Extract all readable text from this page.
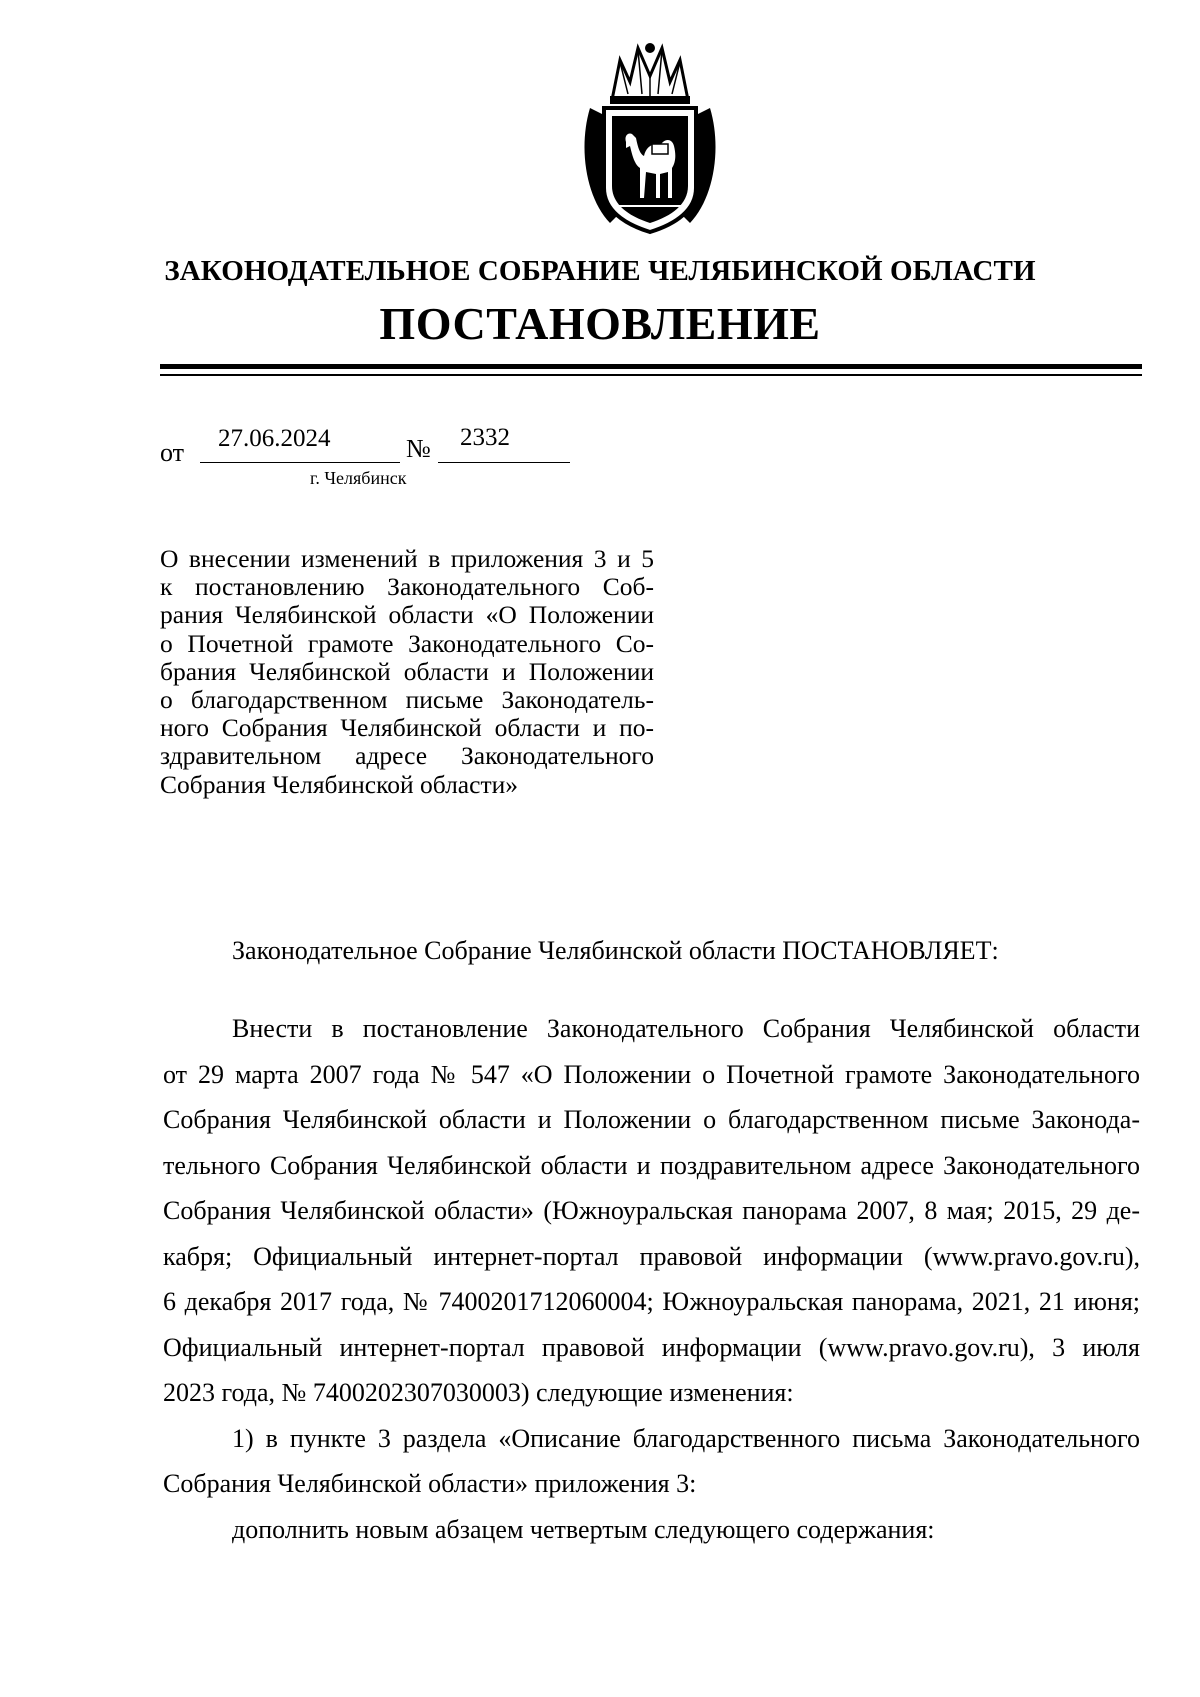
ЗАКОНОДАТЕЛЬНОЕ СОБРАНИЕ ЧЕЛЯБИНСКОЙ ОБЛАСТИ
ПОСТАНОВЛЕНИЕ
от 27.06.2024	№ 2332
г. Челябинск
О внесении изменений в приложения 3 и 5
к постановлению Законодательного Соб-
рания Челябинской области «О Положении
о Почетной грамоте Законодательного Со-
брания Челябинской области и Положении
о благодарственном письме Законодатель-
ного Собрания Челябинской области и по-
здравительном адресе Законодательного
Собрания Челябинской области»
Законодательное Собрание Челябинской области ПОСТАНОВЛЯЕТ:
Внести в постановление Законодательного Собрания Челябинской области
от 29 марта 2007 года № 547 «О Положении о Почетной грамоте Законодательного
Собрания Челябинской области и Положении о благодарственном письме Законода-
тельного Собрания Челябинской области и поздравительном адресе Законодательного
Собрания Челябинской области» (Южноуральская панорама 2007, 8 мая; 2015, 29 де-
кабря; Официальный интернет-портал правовой информации (www.pravo.gov.ru),
6 декабря 2017 года, № 7400201712060004; Южноуральская панорама, 2021, 21 июня;
Официальный интернет-портал правовой информации (www.pravo.gov.ru), 3 июля
2023 года, № 7400202307030003) следующие изменения:
1) в пункте 3 раздела «Описание благодарственного письма Законодательного
Собрания Челябинской области» приложения 3:
дополнить новым абзацем четвертым следующего содержания:
